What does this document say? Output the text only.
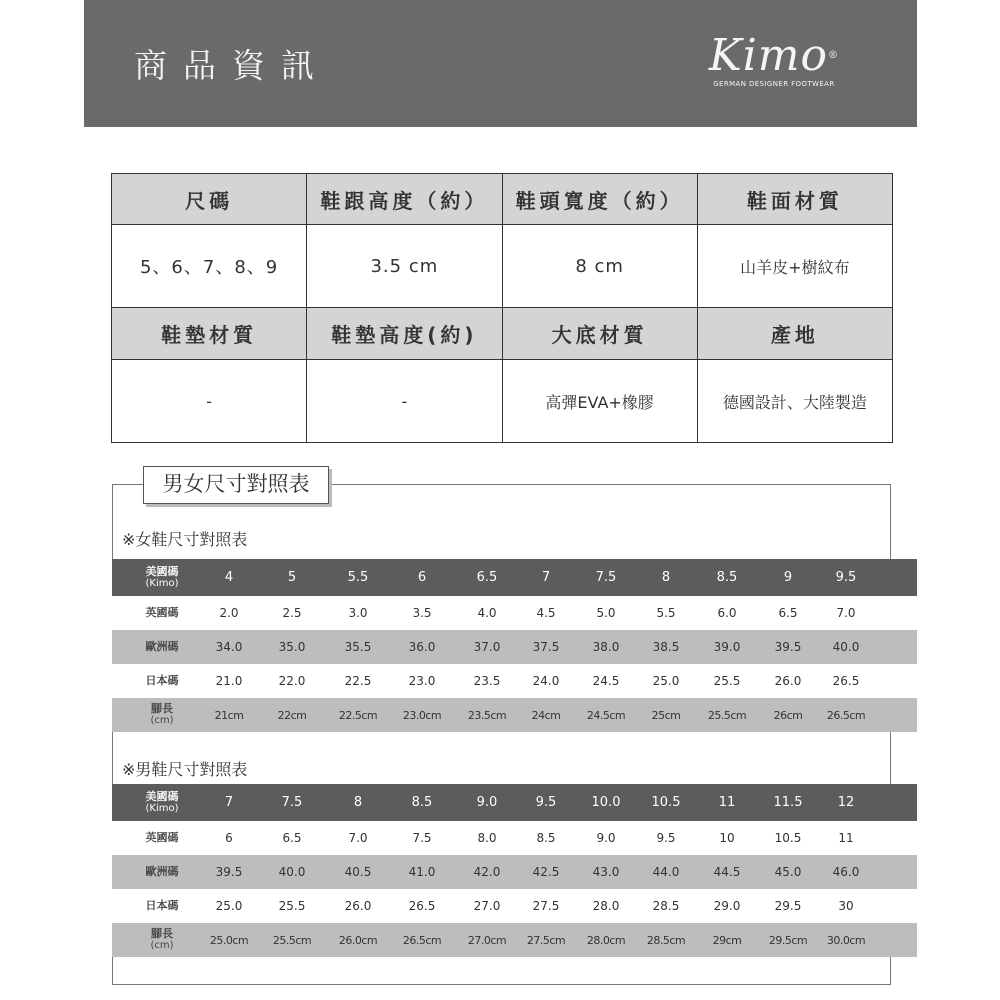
商品資訊	Kimo®
GERMAN DESIGNER FOOTWEAR
尺碼	鞋跟高度（約）	鞋頭寬度（約）	鞋面材質
5、6、7、8、9	3.5 cm	8 cm	山羊皮+樹紋布
鞋墊材質	鞋墊高度(約)	大底材質	產地
-	-	高彈EVA+橡膠	德國設計、大陸製造
男女尺寸對照表
※女鞋尺寸對照表
美國碼
(Kimo)	4	5	5.5	6	6.5	7	7.5	8	8.5	9	9.5
英國碼	2.0	2.5	3.0	3.5	4.0	4.5	5.0	5.5	6.0	6.5	7.0
歐洲碼	34.0	35.0	35.5	36.0	37.0	37.5	38.0	38.5	39.0	39.5	40.0
日本碼	21.0	22.0	22.5	23.0	23.5	24.0	24.5	25.0	25.5	26.0	26.5
腳長
(cm)	21cm	22cm	22.5cm	23.0cm	23.5cm	24cm	24.5cm	25cm	25.5cm	26cm	26.5cm
※男鞋尺寸對照表
美國碼
(Kimo)	7	7.5	8	8.5	9.0	9.5	10.0	10.5	11	11.5	12
英國碼	6	6.5	7.0	7.5	8.0	8.5	9.0	9.5	10	10.5	11
歐洲碼	39.5	40.0	40.5	41.0	42.0	42.5	43.0	44.0	44.5	45.0	46.0
日本碼	25.0	25.5	26.0	26.5	27.0	27.5	28.0	28.5	29.0	29.5	30
腳長
(cm)	25.0cm	25.5cm	26.0cm	26.5cm	27.0cm	27.5cm	28.0cm	28.5cm	29cm	29.5cm	30.0cm
